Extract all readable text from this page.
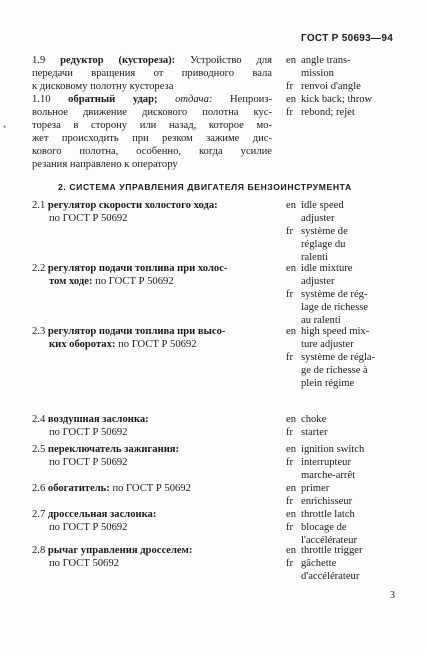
ГОСТ Р 50693—94
•
1.9 редуктор (кустореза): Устройство для
передачи вращения от приводного вала
к дисковому полотну кустореза
en angle trans-
mission
fr renvoi d'angle
1.10 обратный удар; отдача: Непроиз-
вольное движение дискового полотна кус-
тореза в сторону или назад, которое мо-
жет происходить при резком зажиме дис-
кового полотна, особенно, когда усилие
резания направлено к оператору
en kick back; throw
fr rebond; rejet
2. СИСТЕМА УПРАВЛЕНИЯ ДВИГАТЕЛЯ БЕНЗОИНСТРУМЕНТА
2.1 регулятор скорости холостого хода:
по ГОСТ Р 50692
en idle speed
adjuster
fr système de
réglage du
ralenti
2.2 регулятор подачи топлива при холос-
том ходе: по ГОСТ Р 50692
en idle mixture
adjuster
fr système de rég-
lage de richesse
au ralenti
2.3 регулятор подачи топлива при высо-
ких оборотах: по ГОСТ Р 50692
en high speed mix-
ture adjuster
fr système de régla-
ge de richesse à
plein régime
2.4 воздушная заслонка:
по ГОСТ Р 50692
en choke
fr starter
2.5 переключатель зажигания:
по ГОСТ Р 50692
en ignition switch
fr interrupteur
marche-arrêt
2.6 обогатитель: по ГОСТ Р 50692	en primer
fr enrichisseur
2.7 дроссельная заслонка:
по ГОСТ Р 50692
en throttle latch
fr blocage de
l'accélérateur
2.8 рычаг управления дросселем:
по ГОСТ 50692
en throttle trigger
fr gâchette
d'accélérateur
3
